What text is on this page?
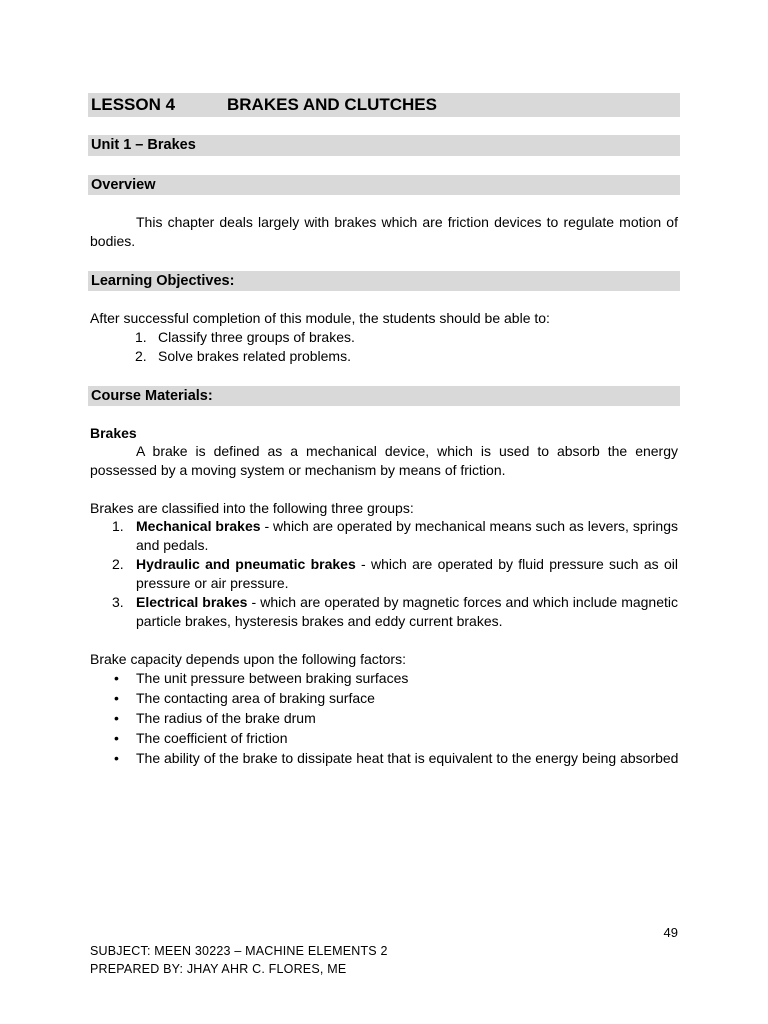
LESSON 4	BRAKES AND CLUTCHES
Unit 1 – Brakes
Overview

This chapter deals largely with brakes which are friction devices to regulate motion of bodies.

Learning Objectives:

After successful completion of this module, the students should be able to:

1. Classify three groups of brakes.
2. Solve brakes related problems.
Course Materials:

Brakes

A brake is defined as a mechanical device, which is used to absorb the energy possessed by a moving system or mechanism by means of friction.

Brakes are classified into the following three groups:

1. Mechanical brakes - which are operated by mechanical means such as levers, springs and pedals.
2. Hydraulic and pneumatic brakes - which are operated by fluid pressure such as oil pressure or air pressure.
3. Electrical brakes - which are operated by magnetic forces and which include magnetic particle brakes, hysteresis brakes and eddy current brakes.

Brake capacity depends upon the following factors:

• The unit pressure between braking surfaces
• The contacting area of braking surface
• The radius of the brake drum
• The coefficient of friction
• The ability of the brake to dissipate heat that is equivalent to the energy being absorbed
49
SUBJECT: MEEN 30223 – MACHINE ELEMENTS 2
PREPARED BY: JHAY AHR C. FLORES, ME
